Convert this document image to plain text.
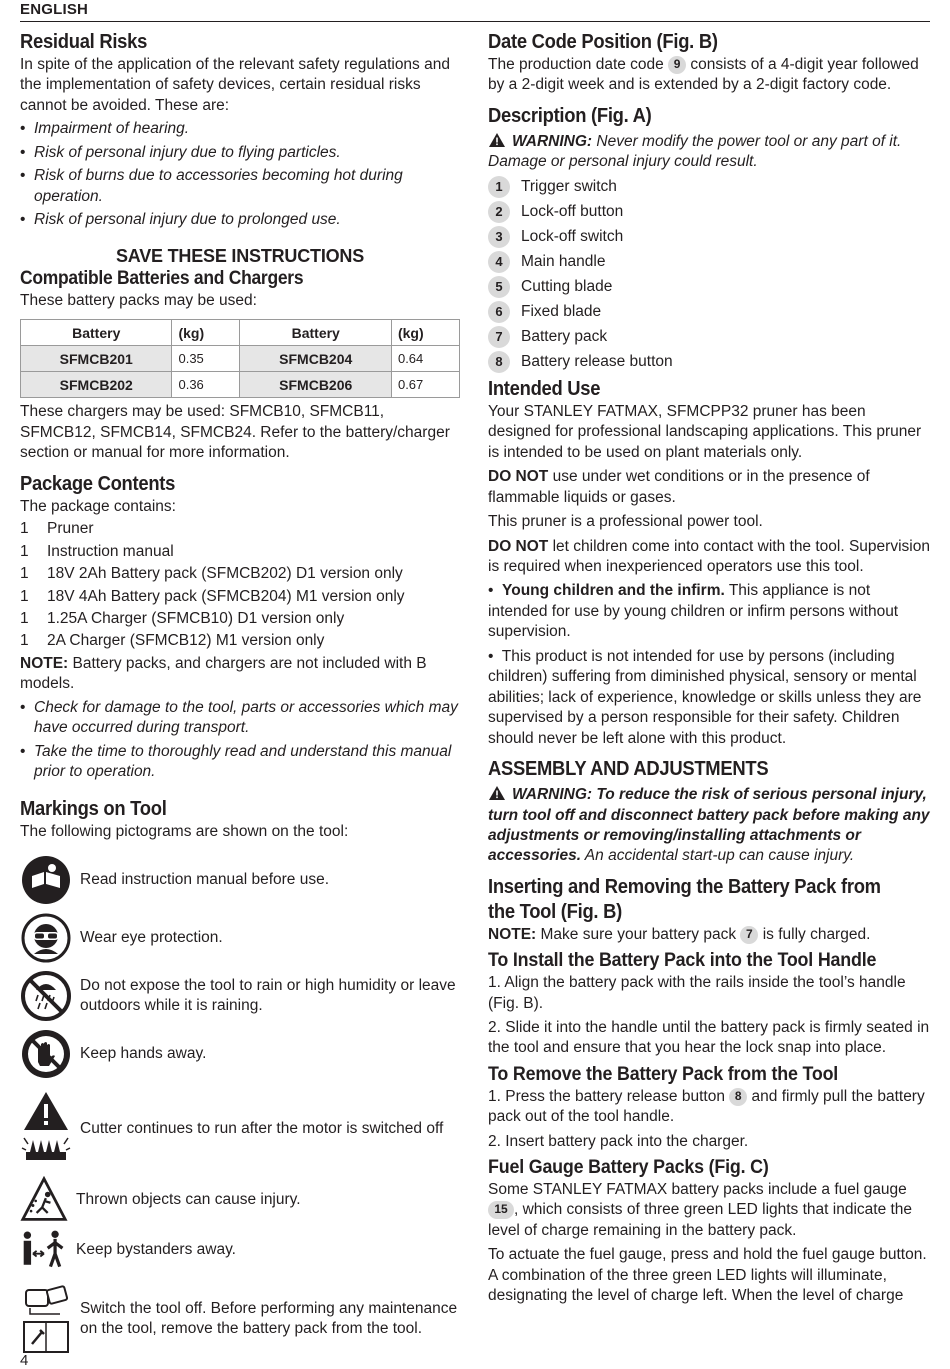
ENGLISH
Residual Risks

In spite of the application of the relevant safety regulations and the implementation of safety devices, certain residual risks cannot be avoided. These are:

• Impairment of hearing.
• Risk of personal injury due to flying particles.
• Risk of burns due to accessories becoming hot during operation.
• Risk of personal injury due to prolonged use.
SAVE THESE INSTRUCTIONS
Compatible Batteries and Chargers

These battery packs may be used:

Battery	(kg)	Battery	(kg)
SFMCB201	0.35	SFMCB204	0.64
SFMCB202	0.36	SFMCB206	0.67

These chargers may be used: SFMCB10, SFMCB11, SFMCB12, SFMCB14, SFMCB24. Refer to the battery/charger section or manual for more information.

Package Contents

The package contains:

1	Pruner
1	Instruction manual
1	18V 2Ah Battery pack (SFMCB202) D1 version only
1	18V 4Ah Battery pack (SFMCB204) M1 version only
1	1.25A Charger (SFMCB10) D1 version only
1	2A Charger (SFMCB12) M1 version only

NOTE: Battery packs, and chargers are not included with B models.

• Check for damage to the tool, parts or accessories which may have occurred during transport.
• Take the time to thoroughly read and understand this manual prior to operation.
Markings on Tool

The following pictograms are shown on the tool:

Read instruction manual before use.
Wear eye protection.
Do not expose the tool to rain or high humidity or leave outdoors while it is raining.
Keep hands away.
Cutter continues to run after the motor is switched off
Thrown objects can cause injury.
Keep bystanders away.
Switch the tool off. Before performing any maintenance on the tool, remove the battery pack from the tool.
Date Code Position (Fig. B)

The production date code 9 consists of a 4-digit year followed by a 2-digit week and is extended by a 2-digit factory code.

Description (Fig. A)

WARNING: Never modify the power tool or any part of it. Damage or personal injury could result.

1	Trigger switch
2	Lock-off button
3	Lock-off switch
4	Main handle
5	Cutting blade
6	Fixed blade
7	Battery pack
8	Battery release button
Intended Use

Your STANLEY FATMAX, SFMCPP32 pruner has been designed for professional landscaping applications. This pruner is intended to be used on plant materials only.

DO NOT use under wet conditions or in the presence of flammable liquids or gases.

This pruner is a professional power tool.

DO NOT let children come into contact with the tool. Supervision is required when inexperienced operators use this tool.

•  Young children and the infirm. This appliance is not intended for use by young children or infirm persons without supervision.

•  This product is not intended for use by persons (including children) suffering from diminished physical, sensory or mental abilities; lack of experience, knowledge or skills unless they are supervised by a person responsible for their safety. Children should never be left alone with this product.

ASSEMBLY AND ADJUSTMENTS

WARNING: To reduce the risk of serious personal injury, turn tool off and disconnect battery pack before making any adjustments or removing/installing attachments or accessories. An accidental start-up can cause injury.

Inserting and Removing the Battery Pack from the Tool (Fig. B)

NOTE: Make sure your battery pack 7 is fully charged.

To Install the Battery Pack into the Tool Handle

1. Align the battery pack with the rails inside the tool’s handle (Fig. B).

2. Slide it into the handle until the battery pack is firmly seated in the tool and ensure that you hear the lock snap into place.

To Remove the Battery Pack from the Tool

1. Press the battery release button 8 and firmly pull the battery pack out of the tool handle.

2. Insert battery pack into the charger.

Fuel Gauge Battery Packs (Fig. C)

Some STANLEY FATMAX battery packs include a fuel gauge 15 , which consists of three green LED lights that indicate the level of charge remaining in the battery pack.

To actuate the fuel gauge, press and hold the fuel gauge button. A combination of the three green LED lights will illuminate, designating the level of charge left. When the level of charge

4
